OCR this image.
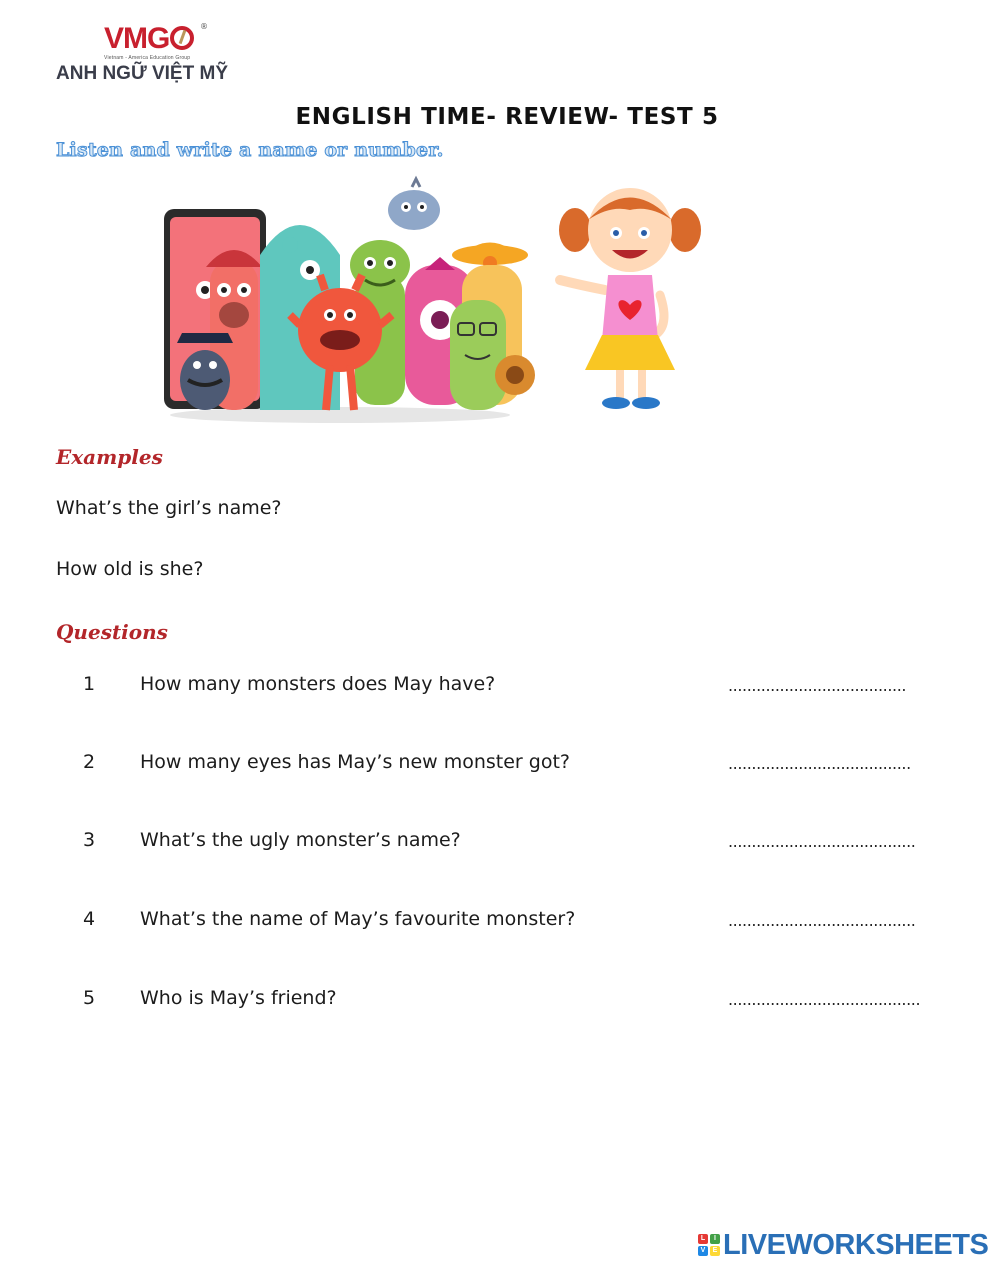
VMG	®
Vietnam - America Education Group
ANH NGỮ VIỆT MỸ
ENGLISH TIME- REVIEW- TEST 5
Listen and write a name or number.
Examples
What’s the girl’s name?
How old is she?
Questions
1	How many monsters does May have?	......................................
2	How many eyes has May’s new monster got?	.......................................
3	What’s the ugly monster’s name?	........................................
4	What’s the name of May’s favourite monster?	........................................
5	Who is May’s friend?	.........................................
L	I
V	E LIVEWORKSHEETS
